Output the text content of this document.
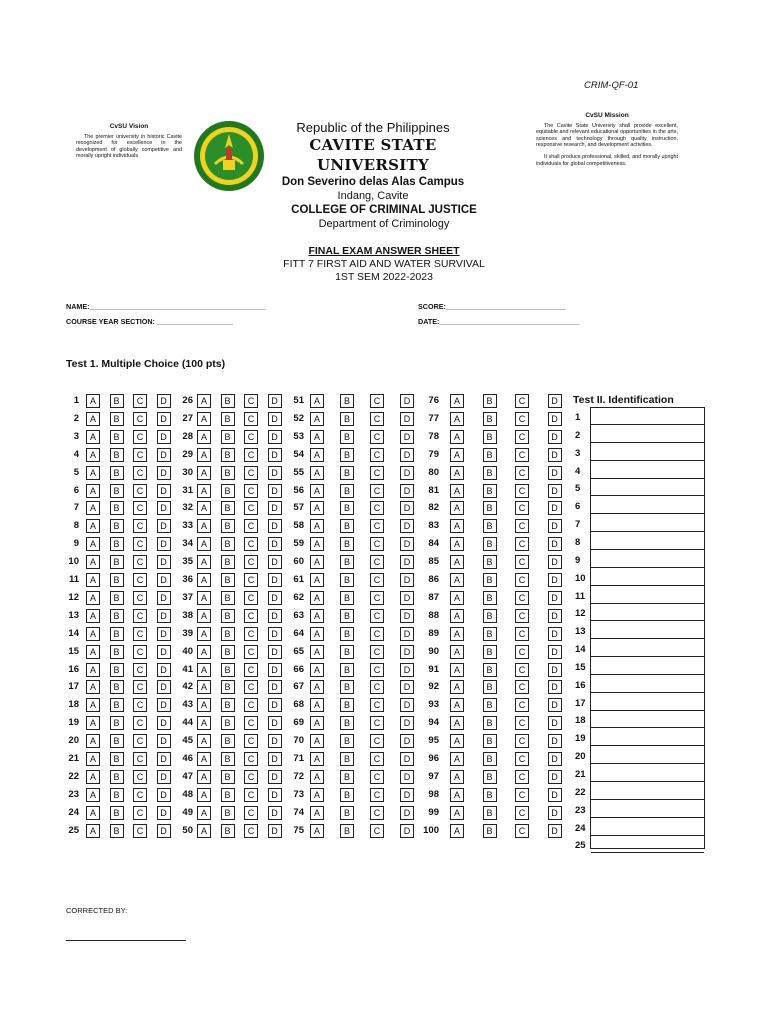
CRIM-QF-01
CvSU Vision
The premier university in historic Cavite recognized for excellence in the development of globally competitive and morally upright individuals
Republic of the Philippines
CAVITE STATE UNIVERSITY
Don Severino delas Alas Campus
Indang, Cavite
CvSU Mission
The Cavite State University shall provide excellent, equitable and relevant educational opportunities in the arts, sciences and technology through quality instruction, responsive research, and development activities.
It shall produce professional, skilled, and morally upright individuals for global competitiveness.
COLLEGE OF CRIMINAL JUSTICE
Department of Criminology
FINAL EXAM ANSWER SHEET
FITT 7 FIRST AID AND WATER SURVIVAL
1ST SEM 2022-2023
NAME:____________________________________________
COURSE YEAR SECTION: ___________________
SCORE:______________________________
DATE:___________________________________
Test 1. Multiple Choice (100 pts)
1	A	B	C	D
2	A	B	C	D
3	A	B	C	D
4	A	B	C	D
5	A	B	C	D
6	A	B	C	D
7	A	B	C	D
8	A	B	C	D
9	A	B	C	D
10	A	B	C	D
11	A	B	C	D
12	A	B	C	D
13	A	B	C	D
14	A	B	C	D
15	A	B	C	D
16	A	B	C	D
17	A	B	C	D
18	A	B	C	D
19	A	B	C	D
20	A	B	C	D
21	A	B	C	D
22	A	B	C	D
23	A	B	C	D
24	A	B	C	D
25	A	B	C	D
26 A	B	C	D
27 A	B	C	D
28 A	B	C	D
29 A	B	C	D
30 A	B	C	D
31 A	B	C	D
32 A	B	C	D
33 A	B	C	D
34 A	B	C	D
35 A	B	C	D
36 A	B	C	D
37 A	B	C	D
38 A	B	C	D
39 A	B	C	D
40 A	B	C	D
41 A	B	C	D
42 A	B	C	D
43 A	B	C	D
44 A	B	C	D
45 A	B	C	D
46 A	B	C	D
47 A	B	C	D
48 A	B	C	D
49 A	B	C	D
50 A	B	C	D
51	A	B	C	D
52	A	B	C	D
53	A	B	C	D
54	A	B	C	D
55	A	B	C	D
56	A	B	C	D
57	A	B	C	D
58	A	B	C	D
59	A	B	C	D
60	A	B	C	D
61	A	B	C	D
62	A	B	C	D
63	A	B	C	D
64	A	B	C	D
65	A	B	C	D
66	A	B	C	D
67	A	B	C	D
68	A	B	C	D
69	A	B	C	D
70	A	B	C	D
71	A	B	C	D
72	A	B	C	D
73	A	B	C	D
74	A	B	C	D
75	A	B	C	D
76	A	B	C	D
77	A	B	C	D
78	A	B	C	D
79	A	B	C	D
80	A	B	C	D
81	A	B	C	D
82	A	B	C	D
83	A	B	C	D
84	A	B	C	D
85	A	B	C	D
86	A	B	C	D
87	A	B	C	D
88	A	B	C	D
89	A	B	C	D
90	A	B	C	D
91	A	B	C	D
92	A	B	C	D
93	A	B	C	D
94	A	B	C	D
95	A	B	C	D
96	A	B	C	D
97	A	B	C	D
98	A	B	C	D
99	A	B	C	D
100	A	B	C	D
Test II. Identification
1
2
3
4
5
6
7
8
9
10
11
12
13
14
15
16
17
18
19
20
21
22
23
24
25
CORRECTED BY:
